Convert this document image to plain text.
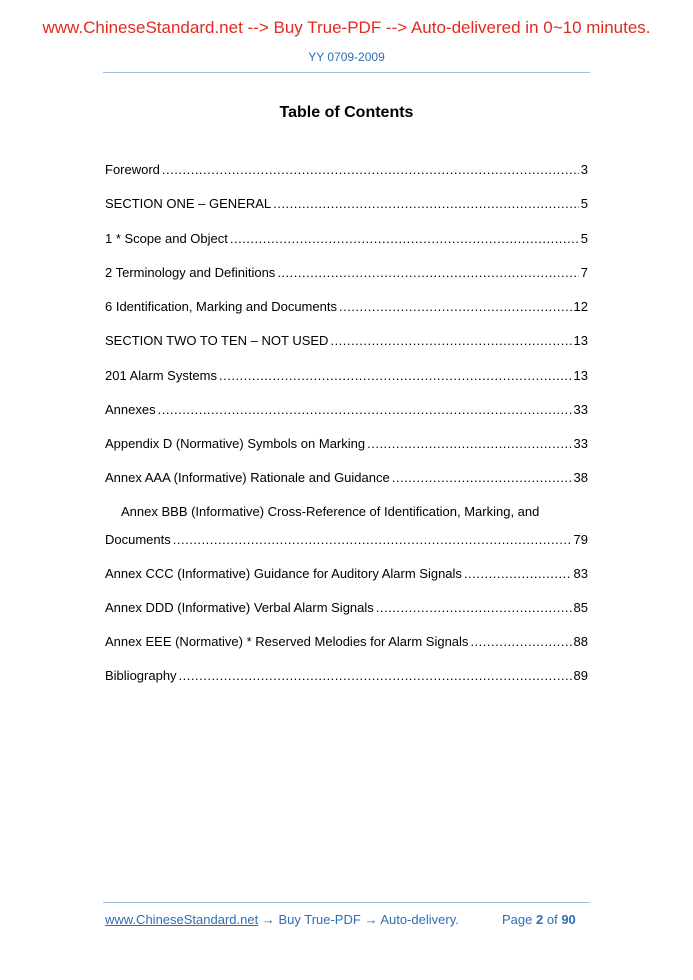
www.ChineseStandard.net --> Buy True-PDF --> Auto-delivered in 0~10 minutes.
YY 0709-2009
Table of Contents
Foreword .....	3
SECTION ONE – GENERAL .....	5
1 * Scope and Object .....	5
2 Terminology and Definitions .....	7
6 Identification, Marking and Documents .....	12
SECTION TWO TO TEN – NOT USED .....	13
201 Alarm Systems .....	13
Annexes .....	33
Appendix D (Normative) Symbols on Marking .....	33
Annex AAA (Informative) Rationale and Guidance .....	38
Annex BBB (Informative) Cross-Reference of Identification, Marking, and
Documents .....	79
Annex CCC (Informative) Guidance for Auditory Alarm Signals .....	83
Annex DDD (Informative) Verbal Alarm Signals .....	85
Annex EEE (Normative) * Reserved Melodies for Alarm Signals .....	88
Bibliography .....	89
www.ChineseStandard.net → Buy True-PDF → Auto-delivery.	Page 2 of 90
